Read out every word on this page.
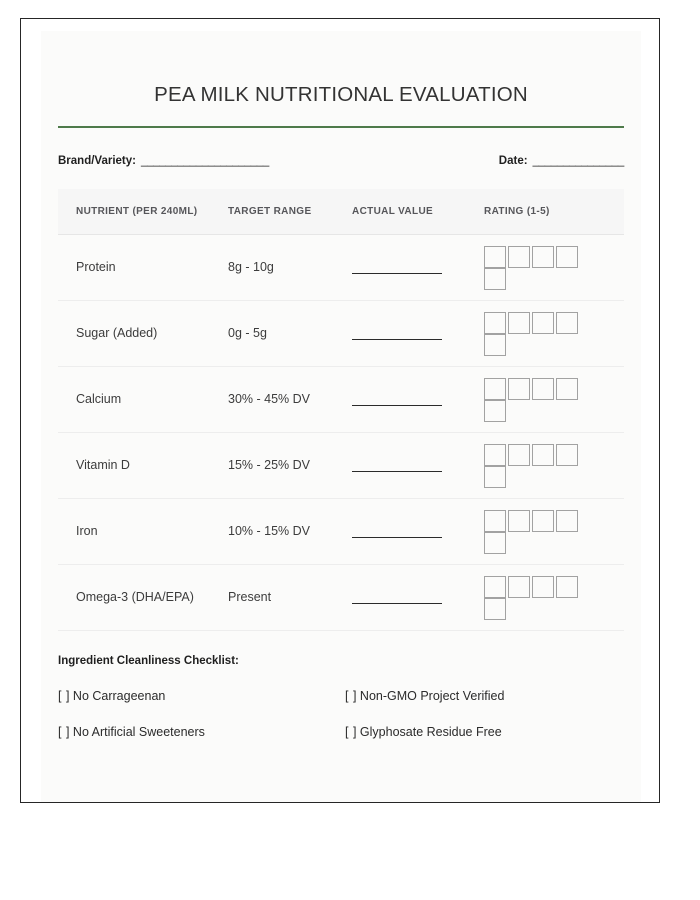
PEA MILK NUTRITIONAL EVALUATION
Brand/Variety: _____________________	Date: _______________
NUTRIENT (PER 240ML)	TARGET RANGE	ACTUAL VALUE	RATING (1-5)
Protein	8g - 10g	

Sugar (Added)	0g - 5g	

Calcium	30% - 45% DV	

Vitamin D	15% - 25% DV	

Iron	10% - 15% DV	

Omega-3 (DHA/EPA)	Present	

Ingredient Cleanliness Checklist:
[ ] No Carrageenan	[ ] Non-GMO Project Verified
[ ] No Artificial Sweeteners	[ ] Glyphosate Residue Free
